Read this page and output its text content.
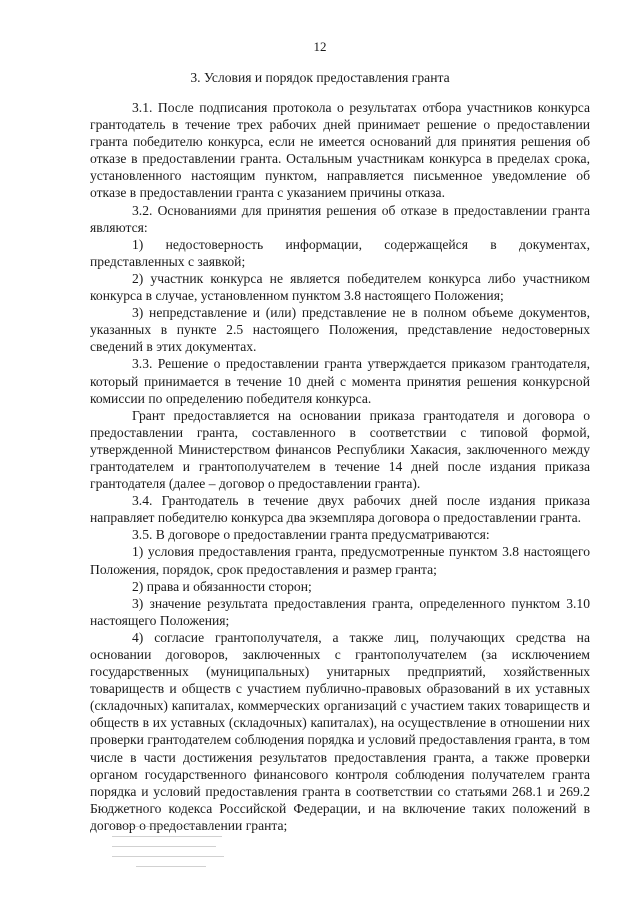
12
3. Условия и порядок предоставления гранта

3.1. После подписания протокола о результатах отбора участников конкурса грантодатель в течение трех рабочих дней принимает решение о предоставлении гранта победителю конкурса, если не имеется оснований для принятия решения об отказе в предоставлении гранта. Остальным участникам конкурса в пределах срока, установленного настоящим пунктом, направляется письменное уведомление об отказе в предоставлении гранта с указанием причины отказа.

3.2. Основаниями для принятия решения об отказе в предоставлении гранта являются:

1) недостоверность информации, содержащейся в документах, представленных с заявкой;

2) участник конкурса не является победителем конкурса либо участником конкурса в случае, установленном пунктом 3.8 настоящего Положения;

3) непредставление и (или) представление не в полном объеме документов, указанных в пункте 2.5 настоящего Положения, представление недостоверных сведений в этих документах.

3.3. Решение о предоставлении гранта утверждается приказом грантодателя, который принимается в течение 10 дней с момента принятия решения конкурсной комиссии по определению победителя конкурса.

Грант предоставляется на основании приказа грантодателя и договора о предоставлении гранта, составленного в соответствии с типовой формой, утвержденной Министерством финансов Республики Хакасия, заключенного между грантодателем и грантополучателем в течение 14 дней после издания приказа грантодателя (далее – договор о предоставлении гранта).

3.4. Грантодатель в течение двух рабочих дней после издания приказа направляет победителю конкурса два экземпляра договора о предоставлении гранта.

3.5. В договоре о предоставлении гранта предусматриваются:

1) условия предоставления гранта, предусмотренные пунктом 3.8 настоящего Положения, порядок, срок предоставления и размер гранта;

2) права и обязанности сторон;

3) значение результата предоставления гранта, определенного пунктом 3.10 настоящего Положения;

4) согласие грантополучателя, а также лиц, получающих средства на основании договоров, заключенных с грантополучателем (за исключением государственных (муниципальных) унитарных предприятий, хозяйственных товариществ и обществ с участием публично-правовых образований в их уставных (складочных) капиталах, коммерческих организаций с участием таких товариществ и обществ в их уставных (складочных) капиталах), на осуществление в отношении них проверки грантодателем соблюдения порядка и условий предоставления гранта, в том числе в части достижения результатов предоставления гранта, а также проверки органом государственного финансового контроля соблюдения получателем гранта порядка и условий предоставления гранта в соответствии со статьями 268.1 и 269.2 Бюджетного кодекса Российской Федерации, и на включение таких положений в договор о предоставлении гранта;
